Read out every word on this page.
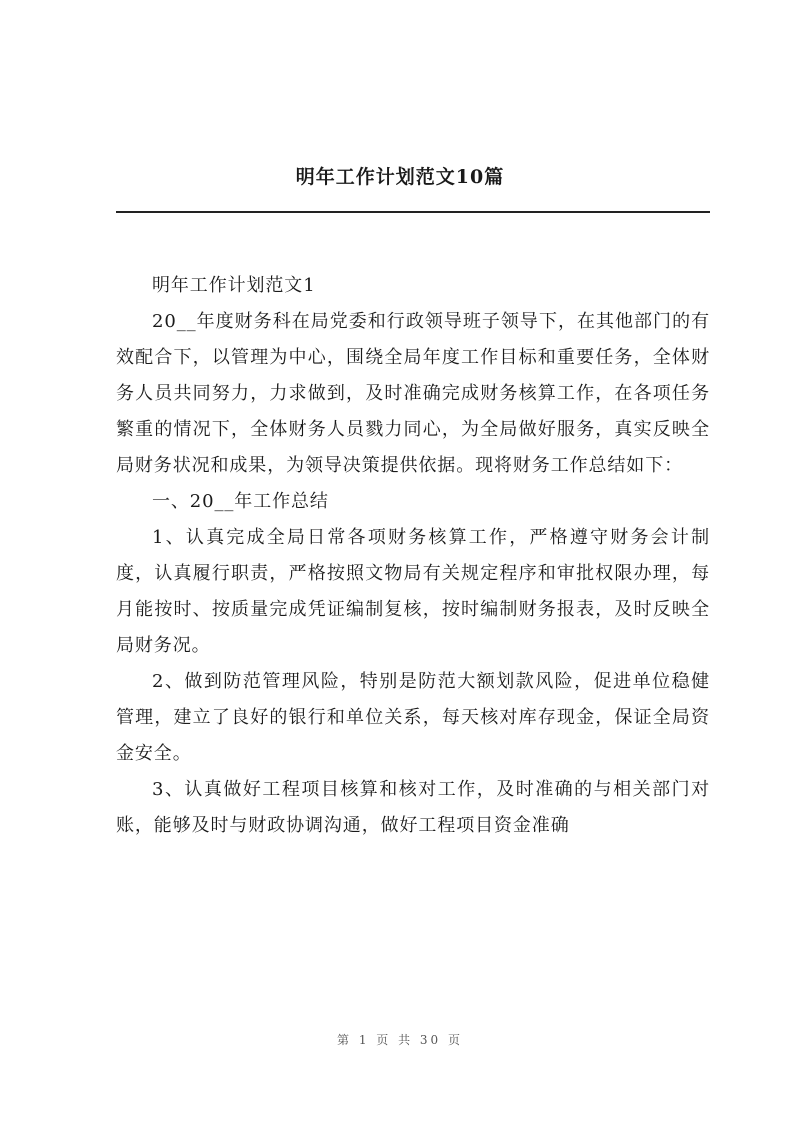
明年工作计划范文10篇

明年工作计划范文1

20__年度财务科在局党委和行政领导班子领导下，在其他部门的有效配合下，以管理为中心，围绕全局年度工作目标和重要任务，全体财务人员共同努力，力求做到，及时准确完成财务核算工作，在各项任务繁重的情况下，全体财务人员戮力同心，为全局做好服务，真实反映全局财务状况和成果，为领导决策提供依据。现将财务工作总结如下：

一、20__年工作总结

1、认真完成全局日常各项财务核算工作，严格遵守财务会计制度，认真履行职责，严格按照文物局有关规定程序和审批权限办理，每月能按时、按质量完成凭证编制复核，按时编制财务报表，及时反映全局财务况。

2、做到防范管理风险，特别是防范大额划款风险，促进单位稳健管理，建立了良好的银行和单位关系，每天核对库存现金，保证全局资金安全。

3、认真做好工程项目核算和核对工作，及时准确的与相关部门对账，能够及时与财政协调沟通，做好工程项目资金准确

第 1 页 共 30 页
